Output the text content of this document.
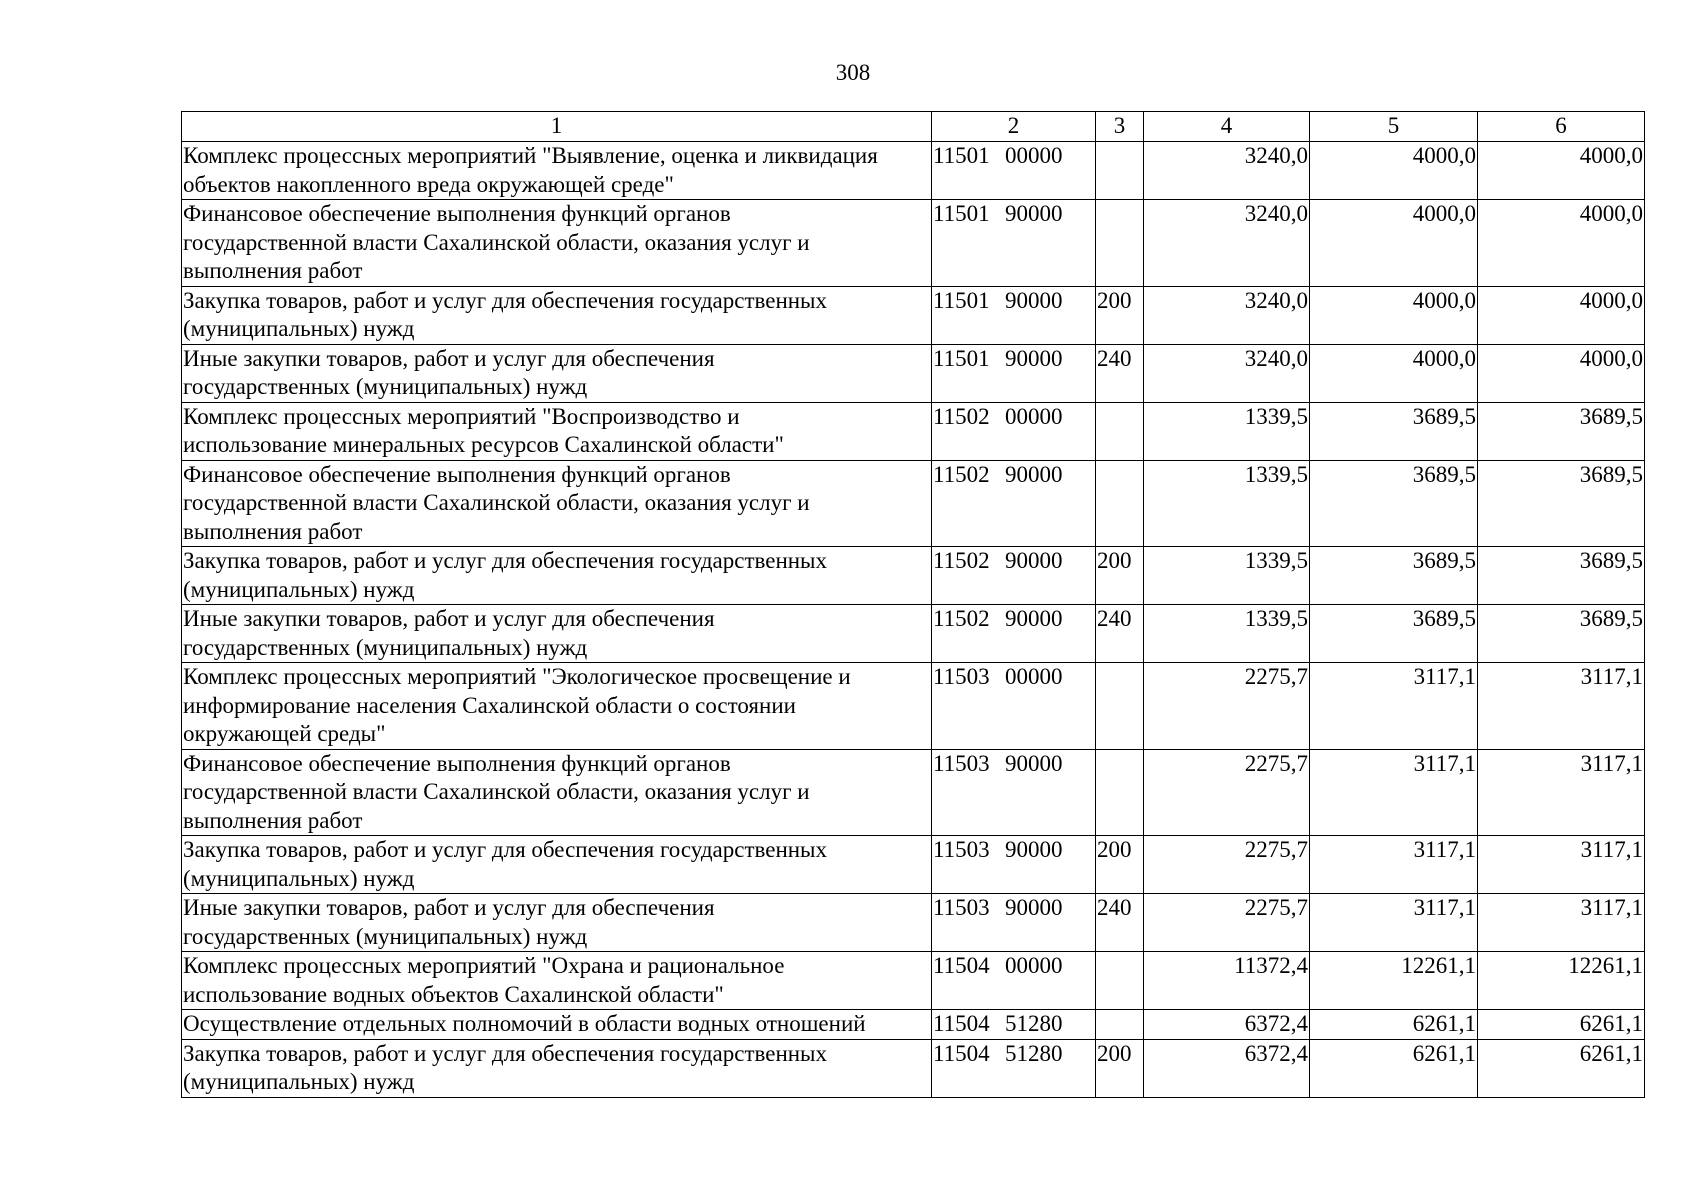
308
1	2	3	4	5	6
Комплекс процессных мероприятий "Выявление, оценка и ликвидация
объектов накопленного вреда окружающей среде"	11501 00000		3240,0	4000,0	4000,0
Финансовое обеспечение выполнения функций органов
государственной власти Сахалинской области, оказания услуг и
выполнения работ	11501 90000		3240,0	4000,0	4000,0
Закупка товаров, работ и услуг для обеспечения государственных
(муниципальных) нужд	11501 90000	200	3240,0	4000,0	4000,0
Иные закупки товаров, работ и услуг для обеспечения
государственных (муниципальных) нужд	11501 90000	240	3240,0	4000,0	4000,0
Комплекс процессных мероприятий "Воспроизводство и
использование минеральных ресурсов Сахалинской области"	11502 00000		1339,5	3689,5	3689,5
Финансовое обеспечение выполнения функций органов
государственной власти Сахалинской области, оказания услуг и
выполнения работ	11502 90000		1339,5	3689,5	3689,5
Закупка товаров, работ и услуг для обеспечения государственных
(муниципальных) нужд	11502 90000	200	1339,5	3689,5	3689,5
Иные закупки товаров, работ и услуг для обеспечения
государственных (муниципальных) нужд	11502 90000	240	1339,5	3689,5	3689,5
Комплекс процессных мероприятий "Экологическое просвещение и
информирование населения Сахалинской области о состоянии
окружающей среды"	11503 00000		2275,7	3117,1	3117,1
Финансовое обеспечение выполнения функций органов
государственной власти Сахалинской области, оказания услуг и
выполнения работ	11503 90000		2275,7	3117,1	3117,1
Закупка товаров, работ и услуг для обеспечения государственных
(муниципальных) нужд	11503 90000	200	2275,7	3117,1	3117,1
Иные закупки товаров, работ и услуг для обеспечения
государственных (муниципальных) нужд	11503 90000	240	2275,7	3117,1	3117,1
Комплекс процессных мероприятий "Охрана и рациональное
использование водных объектов Сахалинской области"	11504 00000		11372,4	12261,1	12261,1
Осуществление отдельных полномочий в области водных отношений	11504 51280		6372,4	6261,1	6261,1
Закупка товаров, работ и услуг для обеспечения государственных
(муниципальных) нужд	11504 51280	200	6372,4	6261,1	6261,1
